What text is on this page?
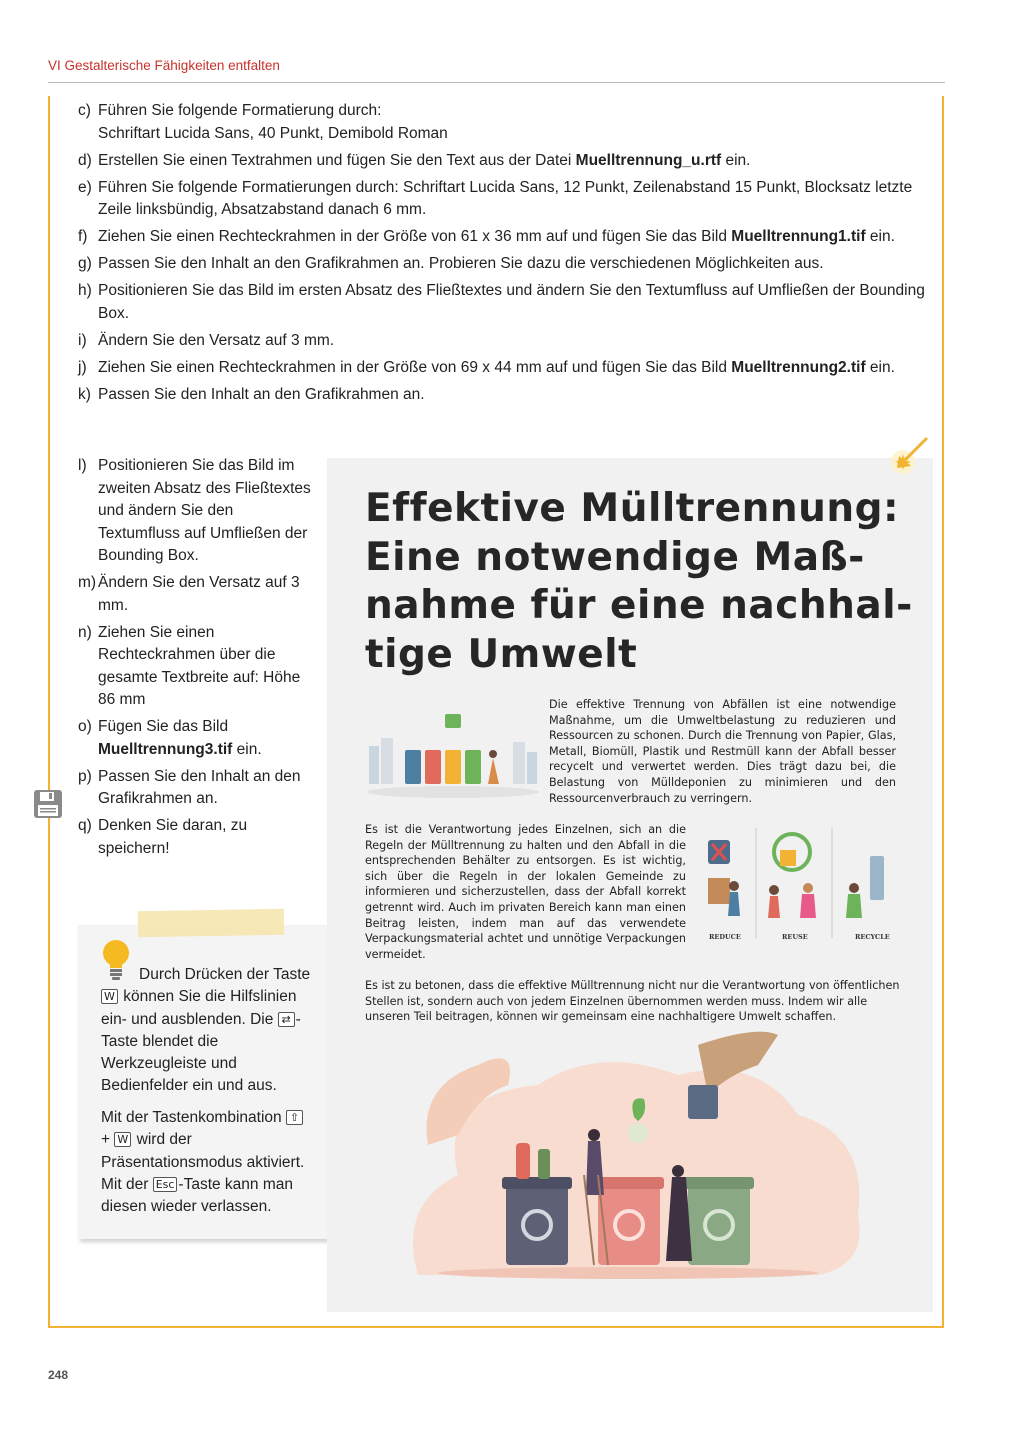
VI Gestalterische Fähigkeiten entfalten
c) Führen Sie folgende Formatierung durch:
Schriftart Lucida Sans, 40 Punkt, Demibold Roman
d) Erstellen Sie einen Textrahmen und fügen Sie den Text aus der Datei Muelltrennung_u.rtf ein.
e) Führen Sie folgende Formatierungen durch: Schriftart Lucida Sans, 12 Punkt, Zeilenabstand 15 Punkt, Blocksatz letzte Zeile linksbündig, Absatzabstand danach 6 mm.
f) Ziehen Sie einen Rechteckrahmen in der Größe von 61 x 36 mm auf und fügen Sie das Bild Muelltrennung1.tif ein.
g) Passen Sie den Inhalt an den Grafikrahmen an. Probieren Sie dazu die verschiedenen Möglichkeiten aus.
h) Positionieren Sie das Bild im ersten Absatz des Fließtextes und ändern Sie den Textumfluss auf Umfließen der Bounding Box.
i) Ändern Sie den Versatz auf 3 mm.
j) Ziehen Sie einen Rechteckrahmen in der Größe von 69 x 44 mm auf und fügen Sie das Bild Muelltrennung2.tif ein.
k) Passen Sie den Inhalt an den Grafikrahmen an.
l) Positionieren Sie das Bild im zweiten Absatz des Fließtextes und ändern Sie den Textumfluss auf Umfließen der Bounding Box.
m) Ändern Sie den Versatz auf 3 mm.
n) Ziehen Sie einen Rechteckrahmen über die gesamte Textbreite auf: Höhe 86 mm
o) Fügen Sie das Bild Muelltrennung3.tif ein.
p) Passen Sie den Inhalt an den Grafikrahmen an.
q) Denken Sie daran, zu speichern!

Durch Drücken der Taste
W können Sie die Hilfslinien ein- und ausblenden. Die ⇄ -Taste blendet die Werkzeugleiste und Bedienfelder ein und aus.

Mit der Tastenkombination ⇧ + W wird der Präsentationsmodus aktiviert. Mit der Esc -Taste kann man diesen wieder verlassen.

Effektive Mülltrennung: Eine notwendige Maßnahme für eine nachhaltige Umwelt

Die effektive Trennung von Abfällen ist eine notwendige Maßnahme, um die Umweltbelastung zu reduzieren und Ressourcen zu schonen. Durch die Trennung von Papier, Glas, Metall, Biomüll, Plastik und Restmüll kann der Abfall besser recycelt und verwertet werden. Dies trägt dazu bei, die Belastung von Mülldeponien zu minimieren und den Ressourcenverbrauch zu verringern.

Es ist die Verantwortung jedes Einzelnen, sich an die Regeln der Mülltrennung zu halten und den Abfall in die entsprechenden Behälter zu entsorgen. Es ist wichtig, sich über die Regeln in der lokalen Gemeinde zu informieren und sicherzustellen, dass der Abfall korrekt getrennt wird. Auch im privaten Bereich kann man einen Beitrag leisten, indem man auf das verwendete Verpackungsmaterial achtet und unnötige Verpackungen vermeidet.

REDUCE	REUSE	RECYCLE

Es ist zu betonen, dass die effektive Mülltrennung nicht nur die Verantwortung von öffentlichen Stellen ist, sondern auch von jedem Einzelnen übernommen werden muss. Indem wir alle unseren Teil beitragen, können wir gemeinsam eine nachhaltigere Umwelt schaffen.

248
